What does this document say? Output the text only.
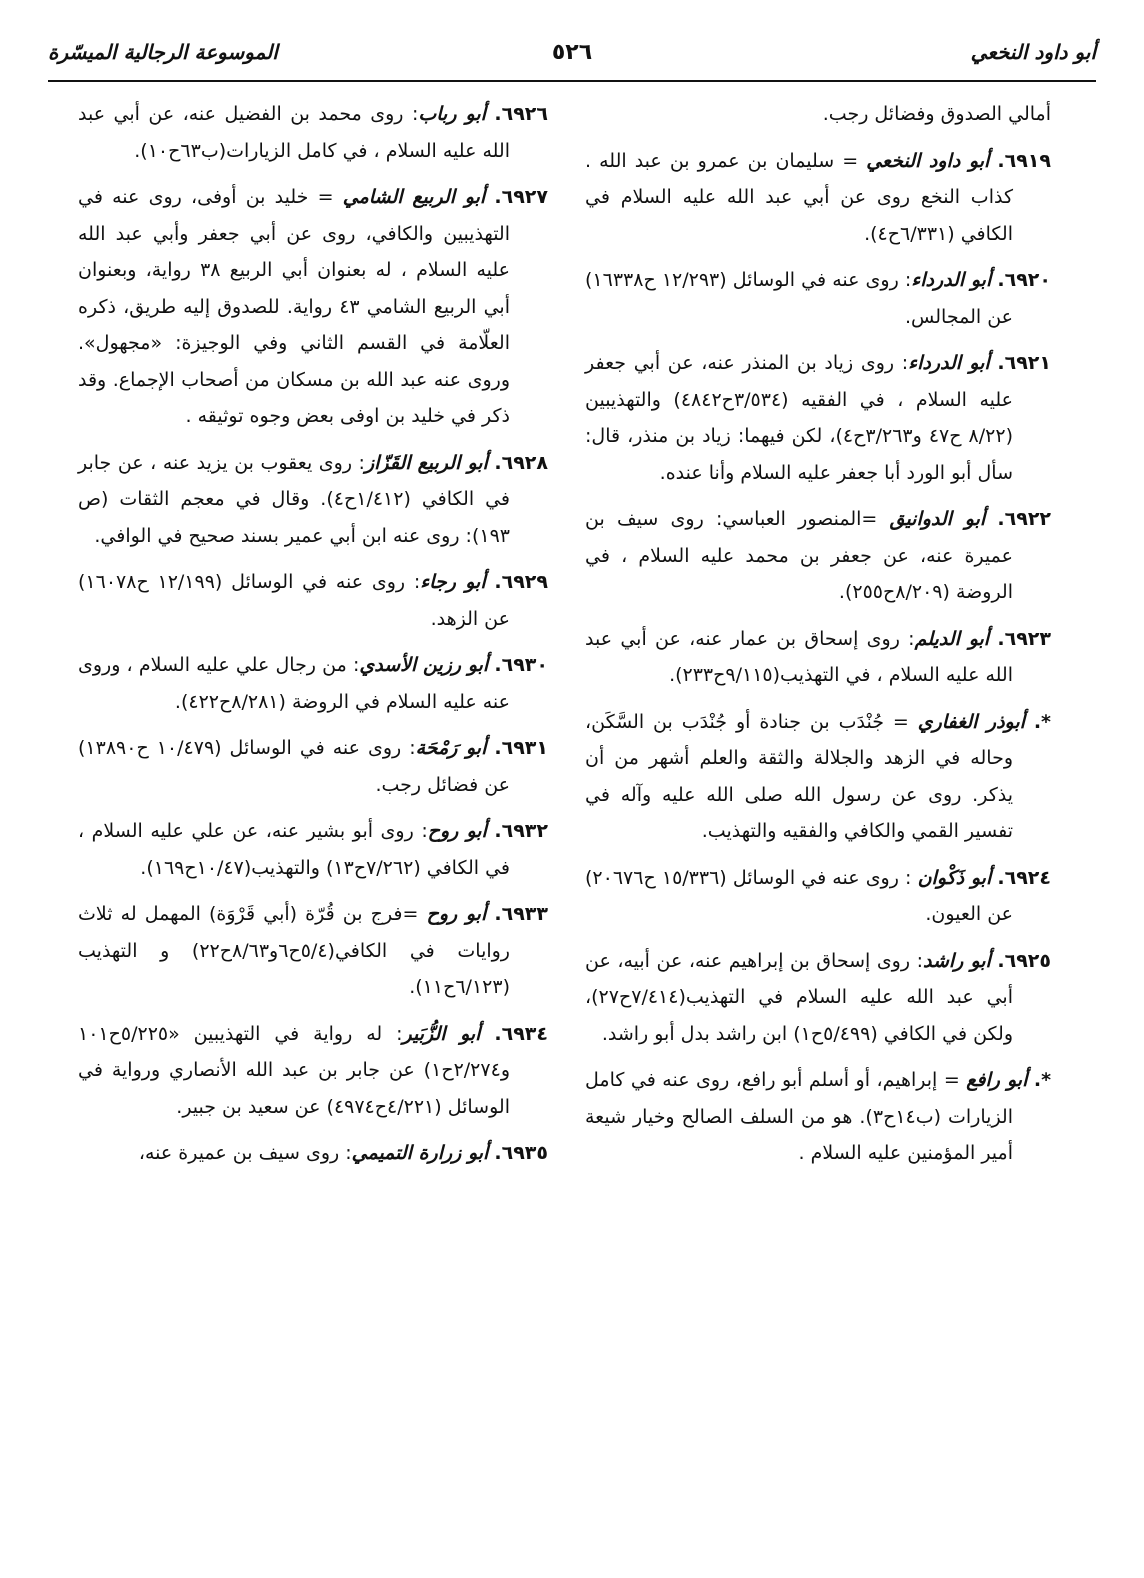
أبو داود النخعي
٥٢٦
الموسوعة الرجالية الميسّرة

أمالي الصدوق وفضائل رجب.

٦٩١٩. أبو داود النخعي = سليمان بن عمرو بن عبد الله . كذاب النخع روى عن أبي عبد الله عليه السلام في الكافي (٦/٣٣١ح٤).

٦٩٢٠. أبو الدرداء: روى عنه في الوسائل (١٢/٢٩٣ ح١٦٣٣٨) عن المجالس.

٦٩٢١. أبو الدرداء: روى زياد بن المنذر عنه، عن أبي جعفر عليه السلام ، في الفقيه (٣/٥٣٤ح٤٨٤٢) والتهذيبين (٨/٢٢ ح٤٧ و٣/٢٦٣ح٤)، لكن فيهما: زياد بن منذر، قال: سأل أبو الورد أبا جعفر عليه السلام وأنا عنده.

٦٩٢٢. أبو الدوانيق =المنصور العباسي: روى سيف بن عميرة عنه، عن جعفر بن محمد عليه السلام ، في الروضة (٨/٢٠٩ح٢٥٥).

٦٩٢٣. أبو الديلم: روى إسحاق بن عمار عنه، عن أبي عبد الله عليه السلام ، في التهذيب(٩/١١٥ح٢٣٣).

*. أبوذر الغفاري = جُنْدَب بن جنادة أو جُنْدَب بن السَّكَن، وحاله في الزهد والجلالة والثقة والعلم أشهر من أن يذكر. روى عن رسول الله صلى الله عليه وآله في تفسير القمي والكافي والفقيه والتهذيب.

٦٩٢٤. أبو ذَكْوان : روى عنه في الوسائل (١٥/٣٣٦ ح٢٠٦٧٦) عن العيون.

٦٩٢٥. أبو راشد: روى إسحاق بن إبراهيم عنه، عن أبيه، عن أبي عبد الله عليه السلام في التهذيب(٧/٤١٤ح٢٧)، ولكن في الكافي (٥/٤٩٩ح١) ابن راشد بدل أبو راشد.

*. أبو رافع = إبراهيم، أو أسلم أبو رافع، روى عنه في كامل الزيارات (ب١٤ح٣). هو من السلف الصالح وخيار شيعة أمير المؤمنين عليه السلام .

٦٩٢٦. أبو رباب: روى محمد بن الفضيل عنه، عن أبي عبد الله عليه السلام ، في كامل الزيارات(ب٦٣ح١٠).

٦٩٢٧. أبو الربيع الشامي = خليد بن أوفى، روى عنه في التهذيبين والكافي، روى عن أبي جعفر وأبي عبد الله عليه السلام ، له بعنوان أبي الربيع ٣٨ رواية، وبعنوان أبي الربيع الشامي ٤٣ رواية. للصدوق إليه طريق، ذكره العلّامة في القسم الثاني وفي الوجيزة: «مجهول». وروى عنه عبد الله بن مسكان من أصحاب الإجماع. وقد ذكر في خليد بن اوفى بعض وجوه توثيقه .

٦٩٢٨. أبو الربيع القَزّاز: روى يعقوب بن يزيد عنه ، عن جابر في الكافي (١/٤١٢ح٤). وقال في معجم الثقات (ص ١٩٣): روى عنه ابن أبي عمير بسند صحيح في الوافي.

٦٩٢٩. أبو رجاء: روى عنه في الوسائل (١٢/١٩٩ ح١٦٠٧٨) عن الزهد.

٦٩٣٠. أبو رزين الأسدي: من رجال علي عليه السلام ، وروى عنه عليه السلام في الروضة (٨/٢٨١ح٤٢٢).

٦٩٣١. أبو رَمْحَة: روى عنه في الوسائل (١٠/٤٧٩ ح١٣٨٩٠) عن فضائل رجب.

٦٩٣٢. أبو روح: روى أبو بشير عنه، عن علي عليه السلام ، في الكافي (٧/٢٦٢ح١٣) والتهذيب(١٠/٤٧ح١٦٩).

٦٩٣٣. أبو روح =فرج بن قُرّة (أبي قَرْوَة) المهمل له ثلاث روايات في الكافي(٥/٤ح٦و٨/٦٣ح٢٢) و التهذيب (٦/١٢٣ح١١).

٦٩٣٤. أبو الزُّبَير: له رواية في التهذيبين «٥/٢٢٥ح١٠١ و٢/٢٧٤ح١) عن جابر بن عبد الله الأنصاري ورواية في الوسائل (٤/٢٢١ح٤٩٧٤) عن سعيد بن جبير.

٦٩٣٥. أبو زرارة التميمي: روى سيف بن عميرة عنه،
